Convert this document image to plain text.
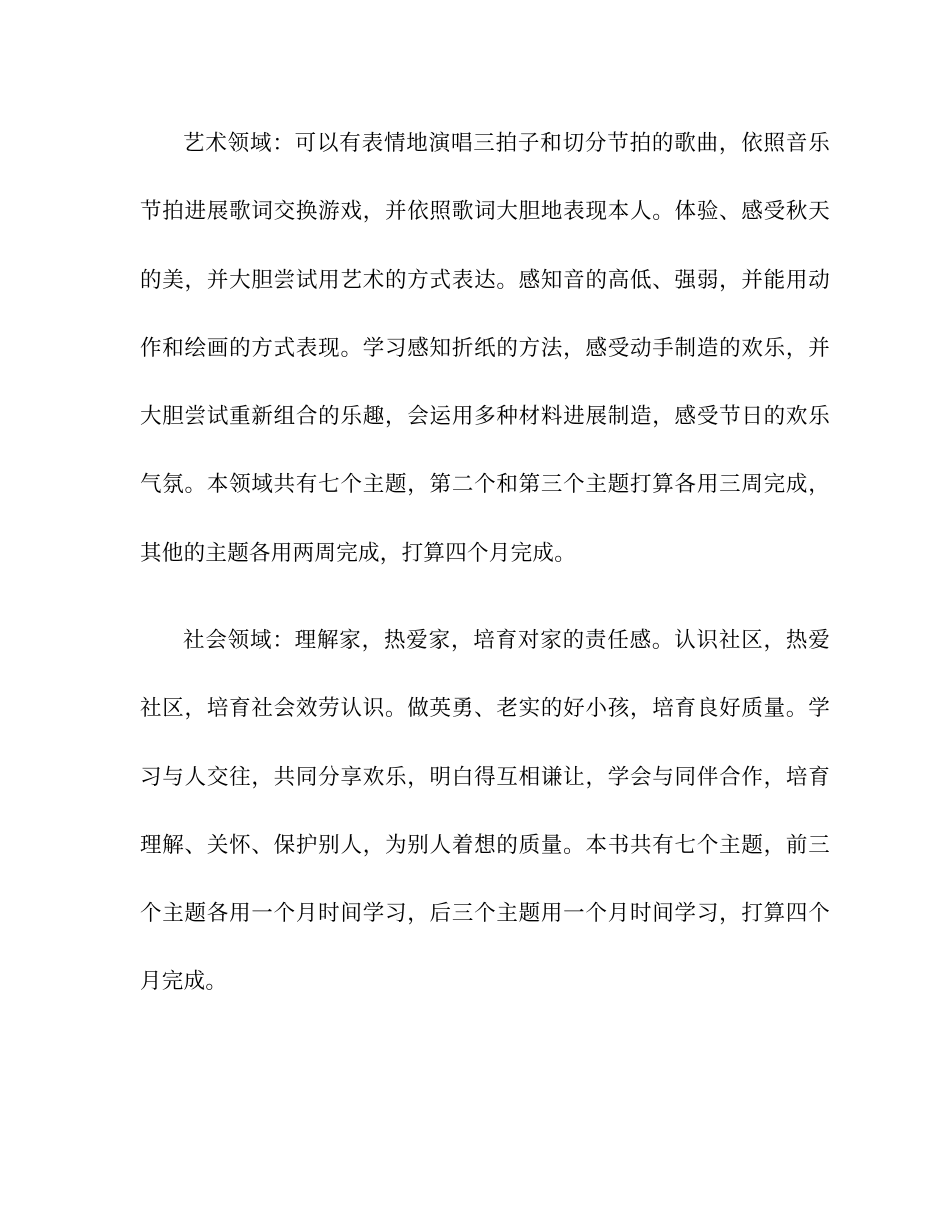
艺术领域：可以有表情地演唱三拍子和切分节拍的歌曲，依照音乐节拍进展歌词交换游戏，并依照歌词大胆地表现本人。体验、感受秋天的美，并大胆尝试用艺术的方式表达。感知音的高低、强弱，并能用动作和绘画的方式表现。学习感知折纸的方法，感受动手制造的欢乐，并大胆尝试重新组合的乐趣，会运用多种材料进展制造，感受节日的欢乐气氛。本领域共有七个主题，第二个和第三个主题打算各用三周完成，其他的主题各用两周完成，打算四个月完成。

社会领域：理解家，热爱家，培育对家的责任感。认识社区，热爱社区，培育社会效劳认识。做英勇、老实的好小孩，培育良好质量。学习与人交往，共同分享欢乐，明白得互相谦让，学会与同伴合作，培育理解、关怀、保护别人，为别人着想的质量。本书共有七个主题，前三个主题各用一个月时间学习，后三个主题用一个月时间学习，打算四个月完成。
